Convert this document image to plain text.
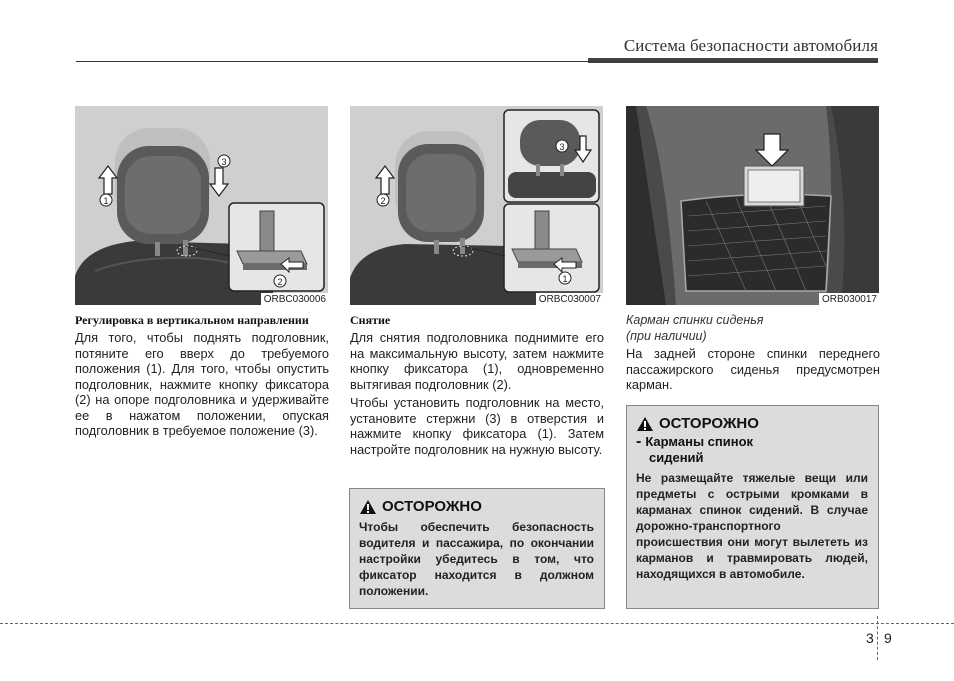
Система безопасности автомобиля
1
2
3
ORBC030006
Регулировка в вертикальном направлении

Для того, чтобы поднять подголовник, потяните его вверх до требуемого положения (1). Для того, чтобы опустить подголовник, нажмите кнопку фиксатора (2) на опоре подголовника и удерживайте ее в нажатом положении, опуская подголовник в требуемое положение (3).

2
1
3
ORBC030007
Снятие

Для снятия подголовника поднимите его на максимальную высоту, затем нажмите кнопку фиксатора (1), одновременно вытягивая подголовник (2).

Чтобы установить подголовник на место, установите стержни (3) в отверстия и нажмите кнопку фиксатора (1). Затем настройте подголовник на нужную высоту.

ОСТОРОЖНО
Чтобы обеспечить безопасность водителя и пассажира, по окончании настройки убедитесь в том, что фиксатор находится в должном положении.
ORB030017
Карман спинки сиденья
(при наличии)

На задней стороне спинки переднего пассажирского сиденья предусмотрен карман.

ОСТОРОЖНО
- Карманы спинок
сидений
Не размещайте тяжелые вещи или предметы с острыми кромками в карманах спинок сидений. В случае дорожно-транспортного происшествия они могут вылететь из карманов и травмировать людей, находящихся в автомобиле.
3 9
